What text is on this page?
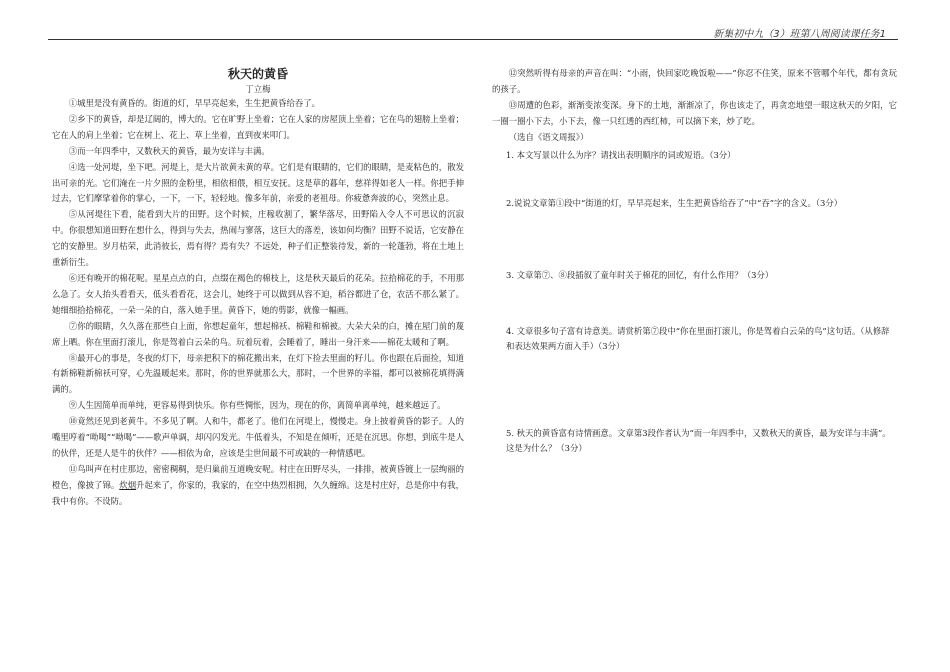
新集初中九（3）班第八周阅读课任务1
秋天的黄昏
丁立梅

①城里是没有黄昏的。街道的灯，早早亮起来，生生把黄昏给吞了。

②乡下的黄昏，却是辽阔的，博大的。它在旷野上坐着；它在人家的房屋顶上坐着；它在鸟的翅膀上坐着；它在人的肩上坐着；它在树上、花上、草上坐着，直到夜来叩门。

③而一年四季中，又数秋天的黄昏，最为安详与丰满。

④选一处河堤，坐下吧。河堤上，是大片欲黄未黄的草。它们是有眼睛的，它们的眼睛，是麦粘色的，散发出可亲的光。它们淹在一片夕照的金粉里，相依相偎，相互安抚。这是草的暮年，慈祥得如老人一样。你把手伸过去，它们摩挲着你的掌心，一下，一下，轻轻地。像多年前，亲爱的老祖母。你疲惫奔波的心，突然止息。

⑤从河堤往下看，能看到大片的田野。这个时候，庄稼收割了，繁华落尽，田野陷入令人不可思议的沉寂中。你很想知道田野在想什么，得到与失去，热闹与寥落，这巨大的落差，该如何均衡？田野不说话，它安静在它的安静里。岁月枯荣，此消彼长，焉有得？焉有失？不远处，种子们正整装待发，新的一轮蓬勃，将在土地上重新衍生。

⑥还有晚开的棉花呢。星星点点的白，点缀在褐色的棉枝上，这是秋天最后的花朵。拉拾棉花的手，不用那么急了。女人抬头看看天，低头看看花，这会儿，她终于可以做到从容不迫，稻谷都进了仓，农活不那么紧了。她细细拾拾棉花，一朵一朵的白，落入她手里。黄昏下，她的剪影，就像一幅画。

⑦你的眼睛，久久落在那些白上面，你想起童年，想起棉袄、棉鞋和棉被。大朵大朵的白，摊在屋门前的蔑席上晒。你在里面打滚儿，你是驾着白云朵的鸟。玩着玩着，会睡着了，睡出一身汗来——棉花太暖和了啊。

⑧最开心的事是，冬夜的灯下，母亲把积下的棉花搬出来，在灯下捡去里面的籽儿。你也跟在后面捡，知道有新棉鞋新棉袄可穿，心先温暖起来。那时，你的世界就那么大，那时，一个世界的幸福，都可以被棉花填得满满的。

⑨人生因简单而单纯，更容易得到快乐。你有些惆怅，因为，现在的你，离简单离单纯，越来越远了。

⑩竟然还见到老黄牛。不多见了啊。人和牛，都老了。他们在河堤上，慢慢走。身上披着黄昏的影子。人的嘴里哼着“呦喝”“呦喝”——歌声单调，却闪闪发光。牛低着头，不知是在倾听，还是在沉思。你想，到底牛是人的伙伴，还是人是牛的伙伴？——相依为命，应该是尘世间最不可或缺的一种情感吧。

⑪鸟叫声在村庄那边，密密稠稠，是归巢前互道晚安呢。村庄在田野尽头，一排排，被黄昏镀上一层绚丽的橙色，像披了锦。炊烟升起来了，你家的，我家的，在空中热烈相拥，久久缠绵。这是村庄好，总是你中有我，我中有你。不设防。

⑫突然听得有母亲的声音在叫：“小雨，快回家吃晚饭啦——”你忍不住笑，原来不管哪个年代，都有贪玩的孩子。

⑬周遭的色彩，渐渐变浓变深。身下的土地，渐渐凉了，你也该走了，再贪恋地望一眼这秋天的夕阳，它一圈一圈小下去，小下去，像一只红透的西红柿，可以摘下来，炒了吃。

（选自《语文周报》）

1. 本文写景以什么为序？请找出表明顺序的词或短语。（3分）

2.说说文章第①段中“街道的灯，早早亮起来，生生把黄昏给吞了”中“吞”字的含义。（3分）

3. 文章第⑦、⑧段插叙了童年时关于棉花的回忆，有什么作用？（3分）

4. 文章很多句子富有诗意美。请赏析第⑦段中“你在里面打滚儿，你是驾着白云朵的鸟”这句话。（从修辞和表达效果两方面入手）（3分）

5. 秋天的黄昏富有诗情画意。文章第3段作者认为“而一年四季中，又数秋天的黄昏，最为安详与丰满”。这是为什么？（3分）
